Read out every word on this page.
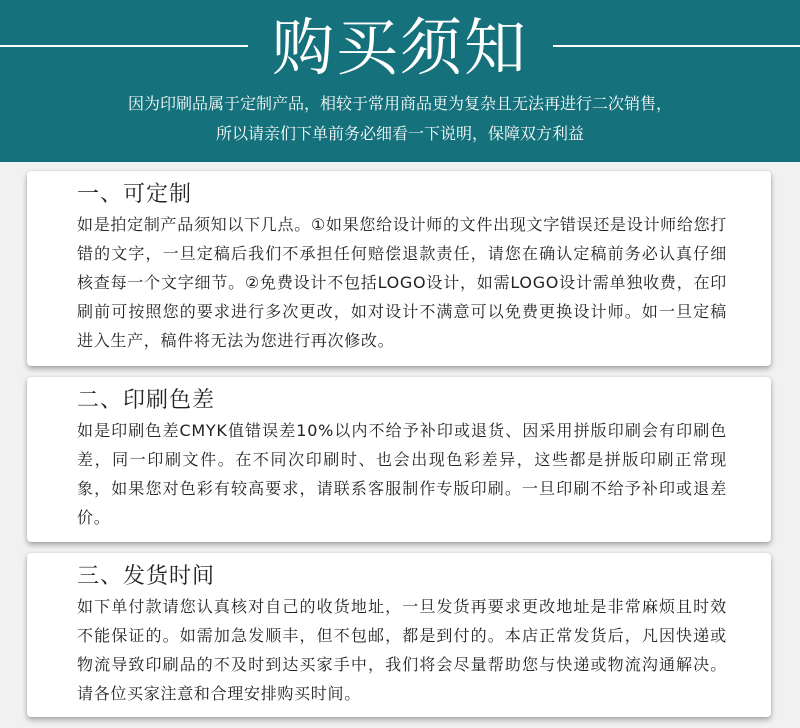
购买须知
因为印刷品属于定制产品，相较于常用商品更为复杂且无法再进行二次销售，
所以请亲们下单前务必细看一下说明，保障双方利益
一、可定制
如是拍定制产品须知以下几点。①如果您给设计师的文件出现文字错误还是设计师给您打错的文字，一旦定稿后我们不承担任何赔偿退款责任，请您在确认定稿前务必认真仔细核查每一个文字细节。②免费设计不包括LOGO设计，如需LOGO设计需单独收费，在印刷前可按照您的要求进行多次更改，如对设计不满意可以免费更换设计师。如一旦定稿进入生产，稿件将无法为您进行再次修改。
二、印刷色差
如是印刷色差CMYK值错误差10%以内不给予补印或退货、因采用拼版印刷会有印刷色差，同一印刷文件。在不同次印刷时、也会出现色彩差异，这些都是拼版印刷正常现象，如果您对色彩有较高要求，请联系客服制作专版印刷。一旦印刷不给予补印或退差价。
三、发货时间
如下单付款请您认真核对自己的收货地址，一旦发货再要求更改地址是非常麻烦且时效不能保证的。如需加急发顺丰，但不包邮，都是到付的。本店正常发货后，凡因快递或物流导致印刷品的不及时到达买家手中，我们将会尽量帮助您与快递或物流沟通解决。请各位买家注意和合理安排购买时间。
